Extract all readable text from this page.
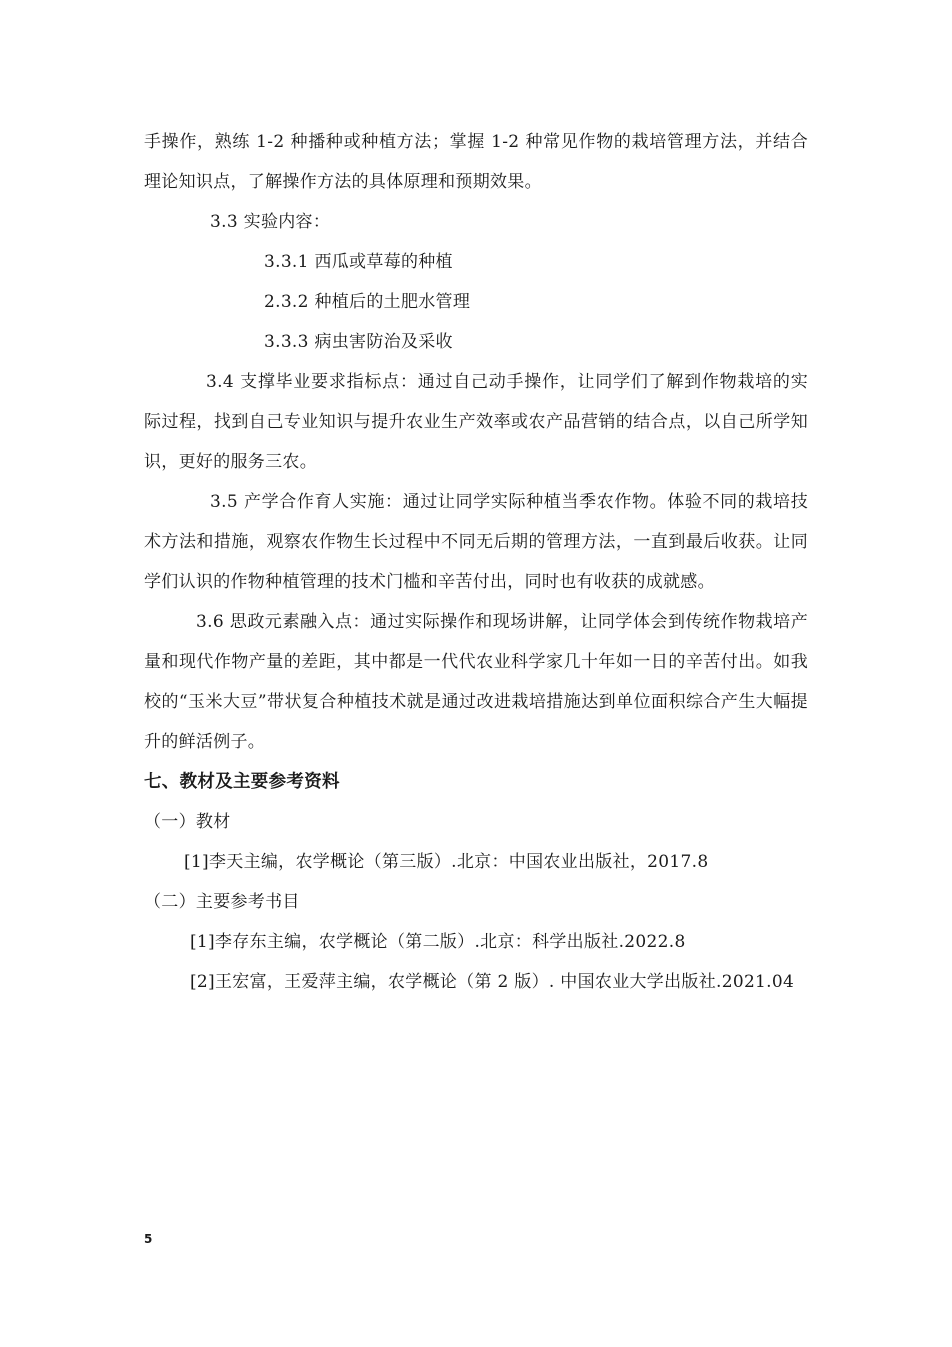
手操作，熟练 1-2 种播种或种植方法；掌握 1-2 种常见作物的栽培管理方法，并结合理论知识点，了解操作方法的具体原理和预期效果。

3.3 实验内容：

3.3.1 西瓜或草莓的种植

2.3.2 种植后的土肥水管理

3.3.3 病虫害防治及采收

3.4 支撑毕业要求指标点：通过自己动手操作，让同学们了解到作物栽培的实际过程，找到自己专业知识与提升农业生产效率或农产品营销的结合点，以自己所学知识，更好的服务三农。

3.5 产学合作育人实施：通过让同学实际种植当季农作物。体验不同的栽培技术方法和措施，观察农作物生长过程中不同无后期的管理方法，一直到最后收获。让同学们认识的作物种植管理的技术门槛和辛苦付出，同时也有收获的成就感。

3.6 思政元素融入点：通过实际操作和现场讲解，让同学体会到传统作物栽培产量和现代作物产量的差距，其中都是一代代农业科学家几十年如一日的辛苦付出。如我校的“玉米大豆”带状复合种植技术就是通过改进栽培措施达到单位面积综合产生大幅提升的鲜活例子。

七、教材及主要参考资料

（一）教材

[1]李天主编，农学概论（第三版）.北京：中国农业出版社，2017.8

（二）主要参考书目

[1]李存东主编，农学概论（第二版）.北京：科学出版社.2022.8

[2]王宏富，王爱萍主编，农学概论（第 2 版）. 中国农业大学出版社.2021.04

5
